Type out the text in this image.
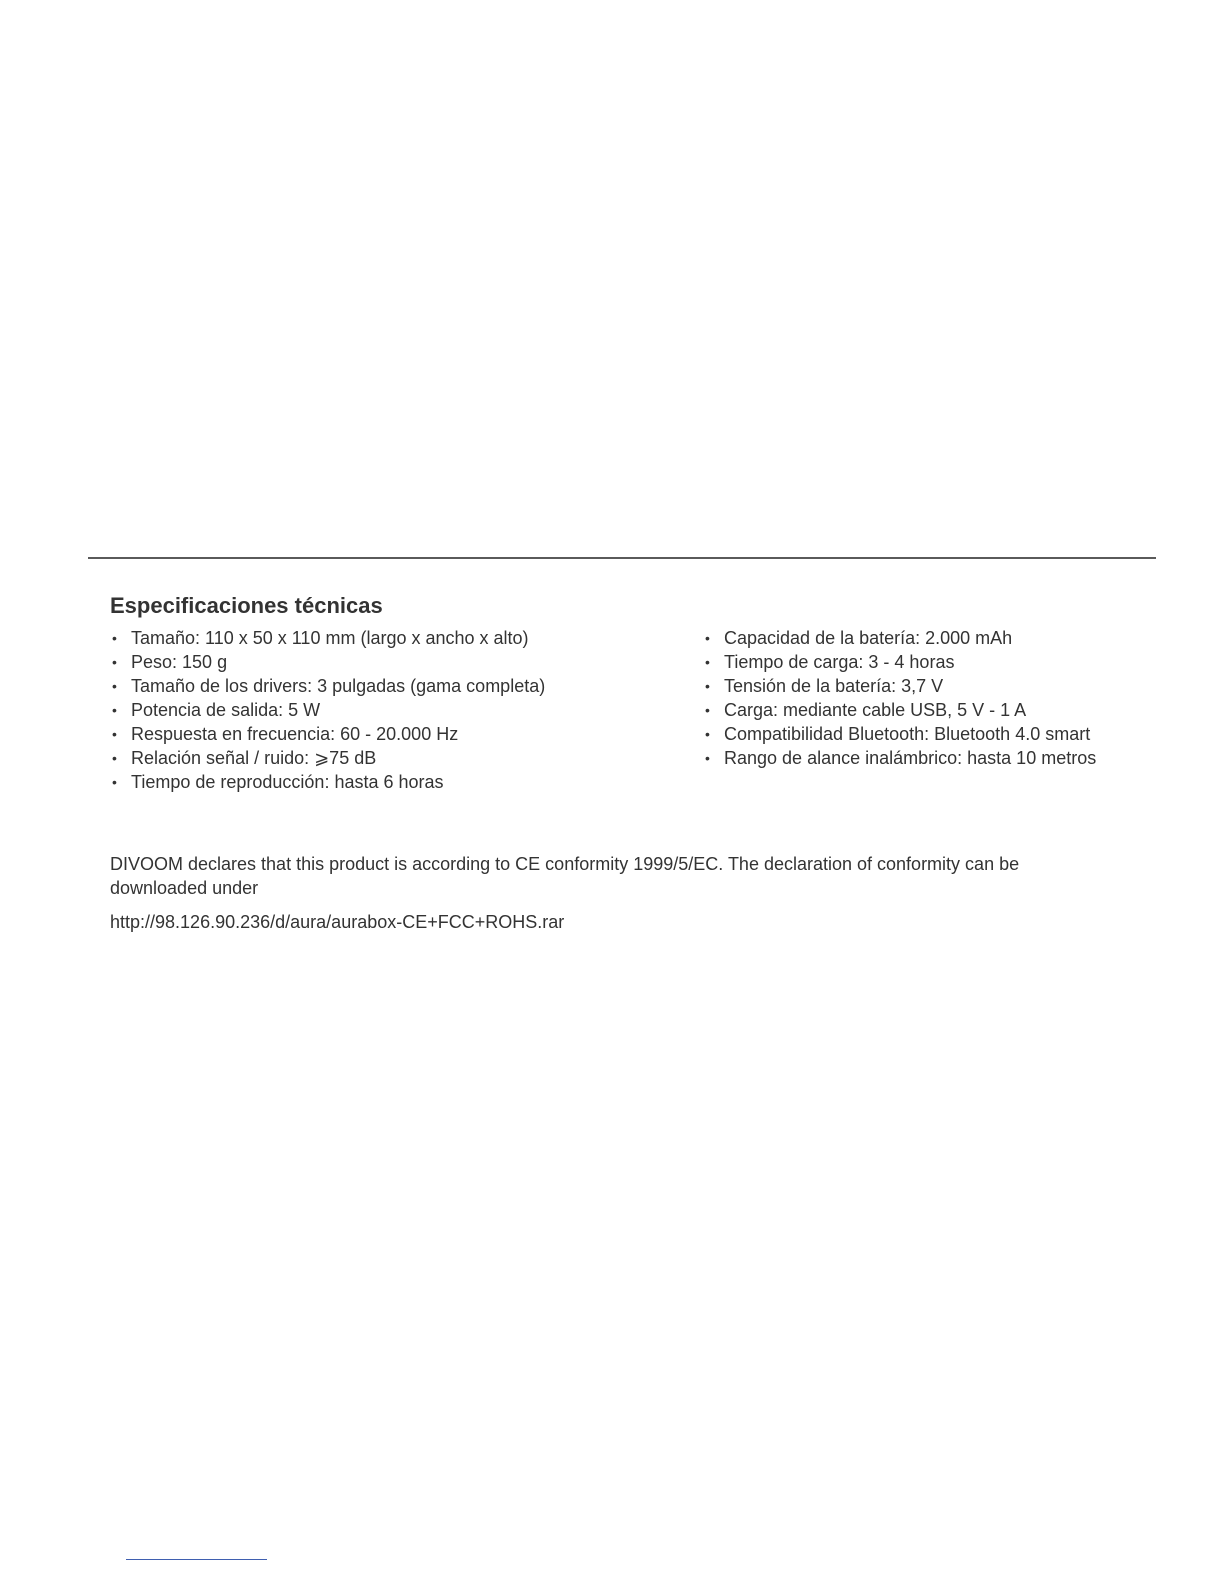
Especificaciones técnicas
• Tamaño: 110 x 50 x 110 mm (largo x ancho x alto)
• Peso: 150 g
• Tamaño de los drivers: 3 pulgadas (gama completa)
• Potencia de salida: 5 W
• Respuesta en frecuencia: 60 - 20.000 Hz
• Relación señal / ruido: ⩾75 dB
• Tiempo de reproducción: hasta 6 horas
• Capacidad de la batería: 2.000 mAh
• Tiempo de carga: 3 - 4 horas
• Tensión de la batería: 3,7 V
• Carga: mediante cable USB, 5 V - 1 A
• Compatibilidad Bluetooth: Bluetooth 4.0 smart
• Rango de alance inalámbrico: hasta 10 metros

DIVOOM declares that this product is according to CE conformity 1999/5/EC. The declaration of conformity can be downloaded under

http://98.126.90.236/d/aura/aurabox-CE+FCC+ROHS.rar
